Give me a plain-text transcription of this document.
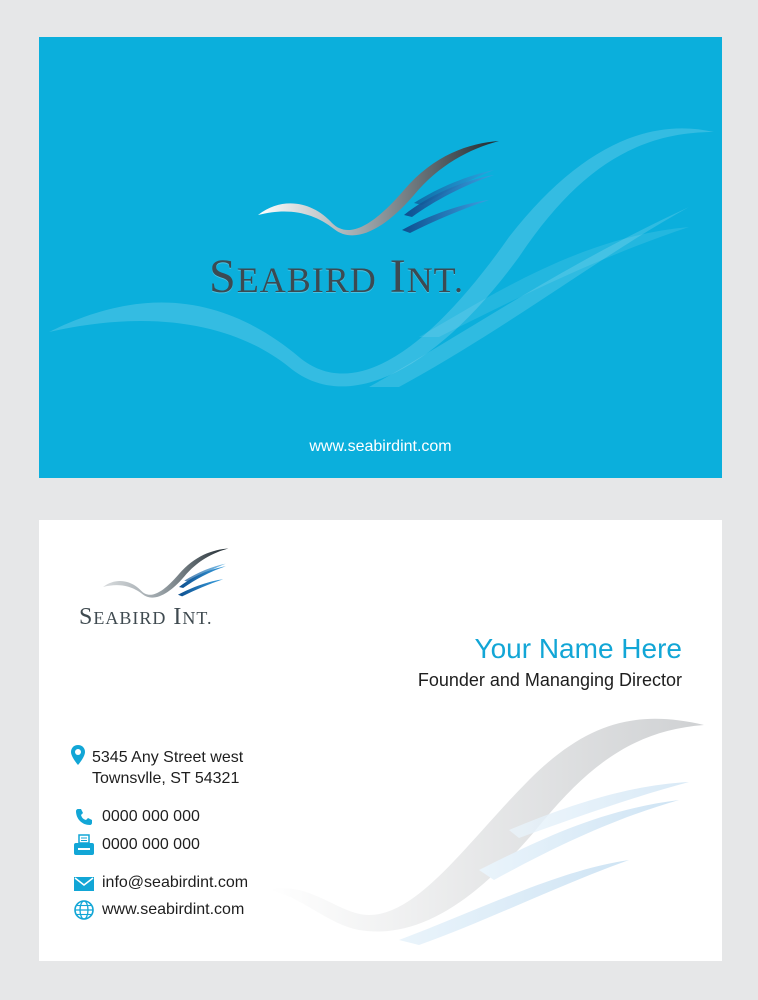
SEABIRD INT.
www.seabirdint.com
SEABIRD INT.
Your Name Here
Founder and Mananging Director
5345 Any Street west
Townsvlle, ST 54321
0000 000 000
0000 000 000
info@seabirdint.com
www.seabirdint.com
